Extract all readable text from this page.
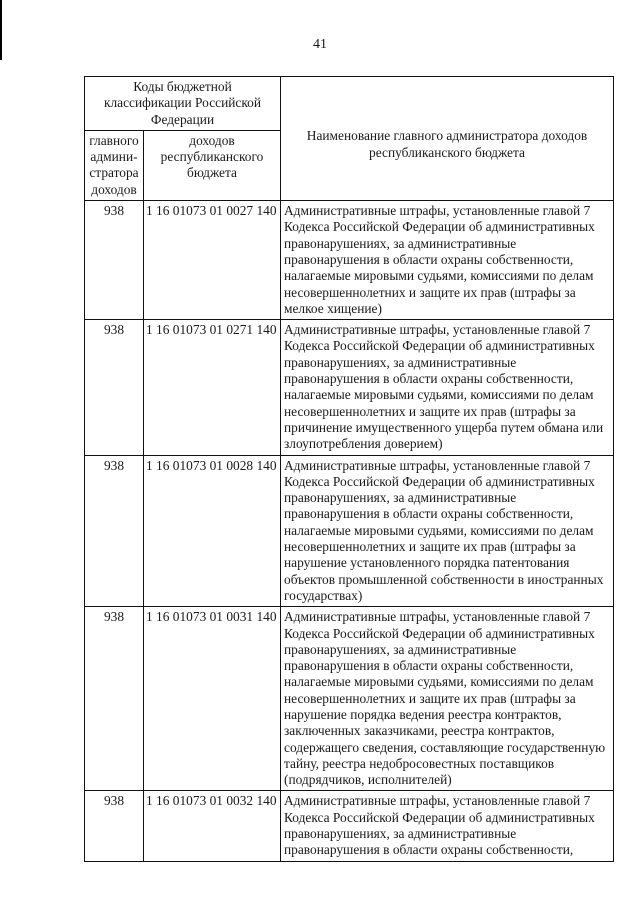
41
Коды бюджетной классификации Российской Федерации		Наименование главного администратора доходов республиканского бюджета
главного админи-стратора доходов	доходов республиканского бюджета	
938	1 16 01073 01 0027 140	Административные штрафы, установленные главой 7 Кодекса Российской Федерации об административных правонарушениях, за административные правонарушения в области охраны собственности, налагаемые мировыми судьями, комиссиями по делам несовершеннолетних и защите их прав (штрафы за мелкое хищение)
938	1 16 01073 01 0271 140	Административные штрафы, установленные главой 7 Кодекса Российской Федерации об административных правонарушениях, за административные правонарушения в области охраны собственности, налагаемые мировыми судьями, комиссиями по делам несовершеннолетних и защите их прав (штрафы за причинение имущественного ущерба путем обмана или злоупотребления доверием)
938	1 16 01073 01 0028 140	Административные штрафы, установленные главой 7 Кодекса Российской Федерации об административных правонарушениях, за административные правонарушения в области охраны собственности, налагаемые мировыми судьями, комиссиями по делам несовершеннолетних и защите их прав (штрафы за нарушение установленного порядка патентования объектов промышленной собственности в иностранных государствах)
938	1 16 01073 01 0031 140	Административные штрафы, установленные главой 7 Кодекса Российской Федерации об административных правонарушениях, за административные правонарушения в области охраны собственности, налагаемые мировыми судьями, комиссиями по делам несовершеннолетних и защите их прав (штрафы за нарушение порядка ведения реестра контрактов, заключенных заказчиками, реестра контрактов, содержащего сведения, составляющие государственную тайну, реестра недобросовестных поставщиков (подрядчиков, исполнителей)
938	1 16 01073 01 0032 140	Административные штрафы, установленные главой 7 Кодекса Российской Федерации об административных правонарушениях, за административные правонарушения в области охраны собственности,
